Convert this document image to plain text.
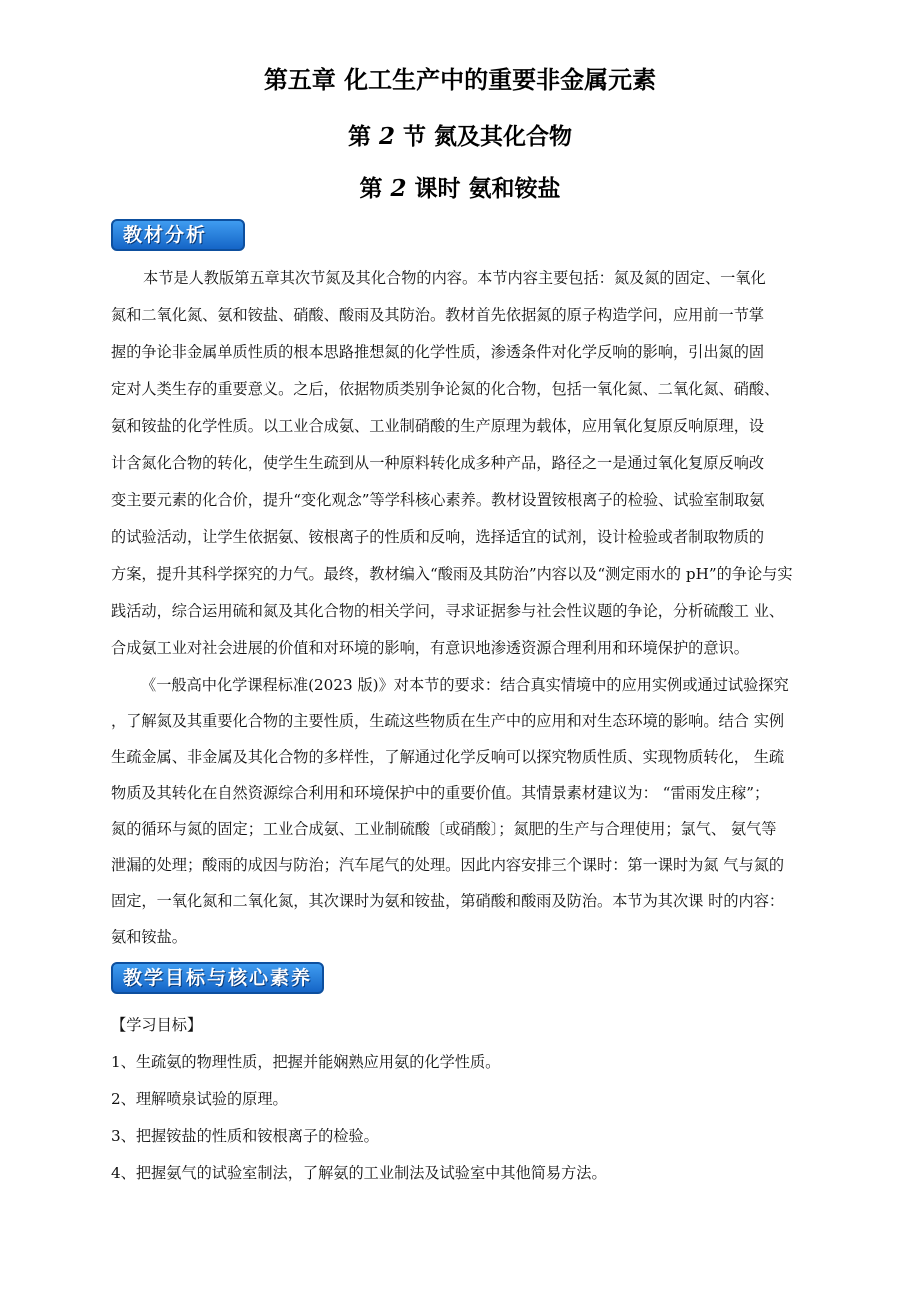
第五章 化工生产中的重要非金属元素
第 2 节 氮及其化合物
第 2 课时 氨和铵盐
教材分析
本节是人教版第五章其次节氮及其化合物的内容。本节内容主要包括：氮及氮的固定、一氧化
氮和二氧化氮、氨和铵盐、硝酸、酸雨及其防治。教材首先依据氮的原子构造学问，应用前一节掌
握的争论非金属单质性质的根本思路推想氮的化学性质，渗透条件对化学反响的影响，引出氮的固
定对人类生存的重要意义。之后，依据物质类别争论氮的化合物，包括一氧化氮、二氧化氮、硝酸、
氨和铵盐的化学性质。以工业合成氨、工业制硝酸的生产原理为载体，应用氧化复原反响原理，设
计含氮化合物的转化，使学生生疏到从一种原料转化成多种产品，路径之一是通过氧化复原反响改
变主要元素的化合价，提升“变化观念”等学科核心素养。教材设置铵根离子的检验、试验室制取氨
的试验活动，让学生依据氨、铵根离子的性质和反响，选择适宜的试剂，设计检验或者制取物质的
方案，提升其科学探究的力气。最终，教材编入“酸雨及其防治”内容以及“测定雨水的 pH”的争论与实
践活动，综合运用硫和氮及其化合物的相关学问，寻求证据参与社会性议题的争论，分析硫酸工 业、
合成氨工业对社会进展的价值和对环境的影响，有意识地渗透资源合理利用和环境保护的意识。
《一般高中化学课程标准(2023 版)》对本节的要求：结合真实情境中的应用实例或通过试验探究
，了解氮及其重要化合物的主要性质，生疏这些物质在生产中的应用和对生态环境的影响。结合 实例
生疏金属、非金属及其化合物的多样性，了解通过化学反响可以探究物质性质、实现物质转化， 生疏
物质及其转化在自然资源综合利用和环境保护中的重要价值。其情景素材建议为： “雷雨发庄稼”；
氮的循环与氮的固定；工业合成氨、工业制硫酸〔或硝酸〕；氮肥的生产与合理使用；氯气、 氨气等
泄漏的处理；酸雨的成因与防治；汽车尾气的处理。因此内容安排三个课时：第一课时为氮 气与氮的
固定，一氧化氮和二氧化氮，其次课时为氨和铵盐，第硝酸和酸雨及防治。本节为其次课 时的内容：
氨和铵盐。
教学目标与核心素养
【学习目标】
1、生疏氨的物理性质，把握并能娴熟应用氨的化学性质。
2、理解喷泉试验的原理。
3、把握铵盐的性质和铵根离子的检验。
4、把握氨气的试验室制法，了解氨的工业制法及试验室中其他简易方法。
